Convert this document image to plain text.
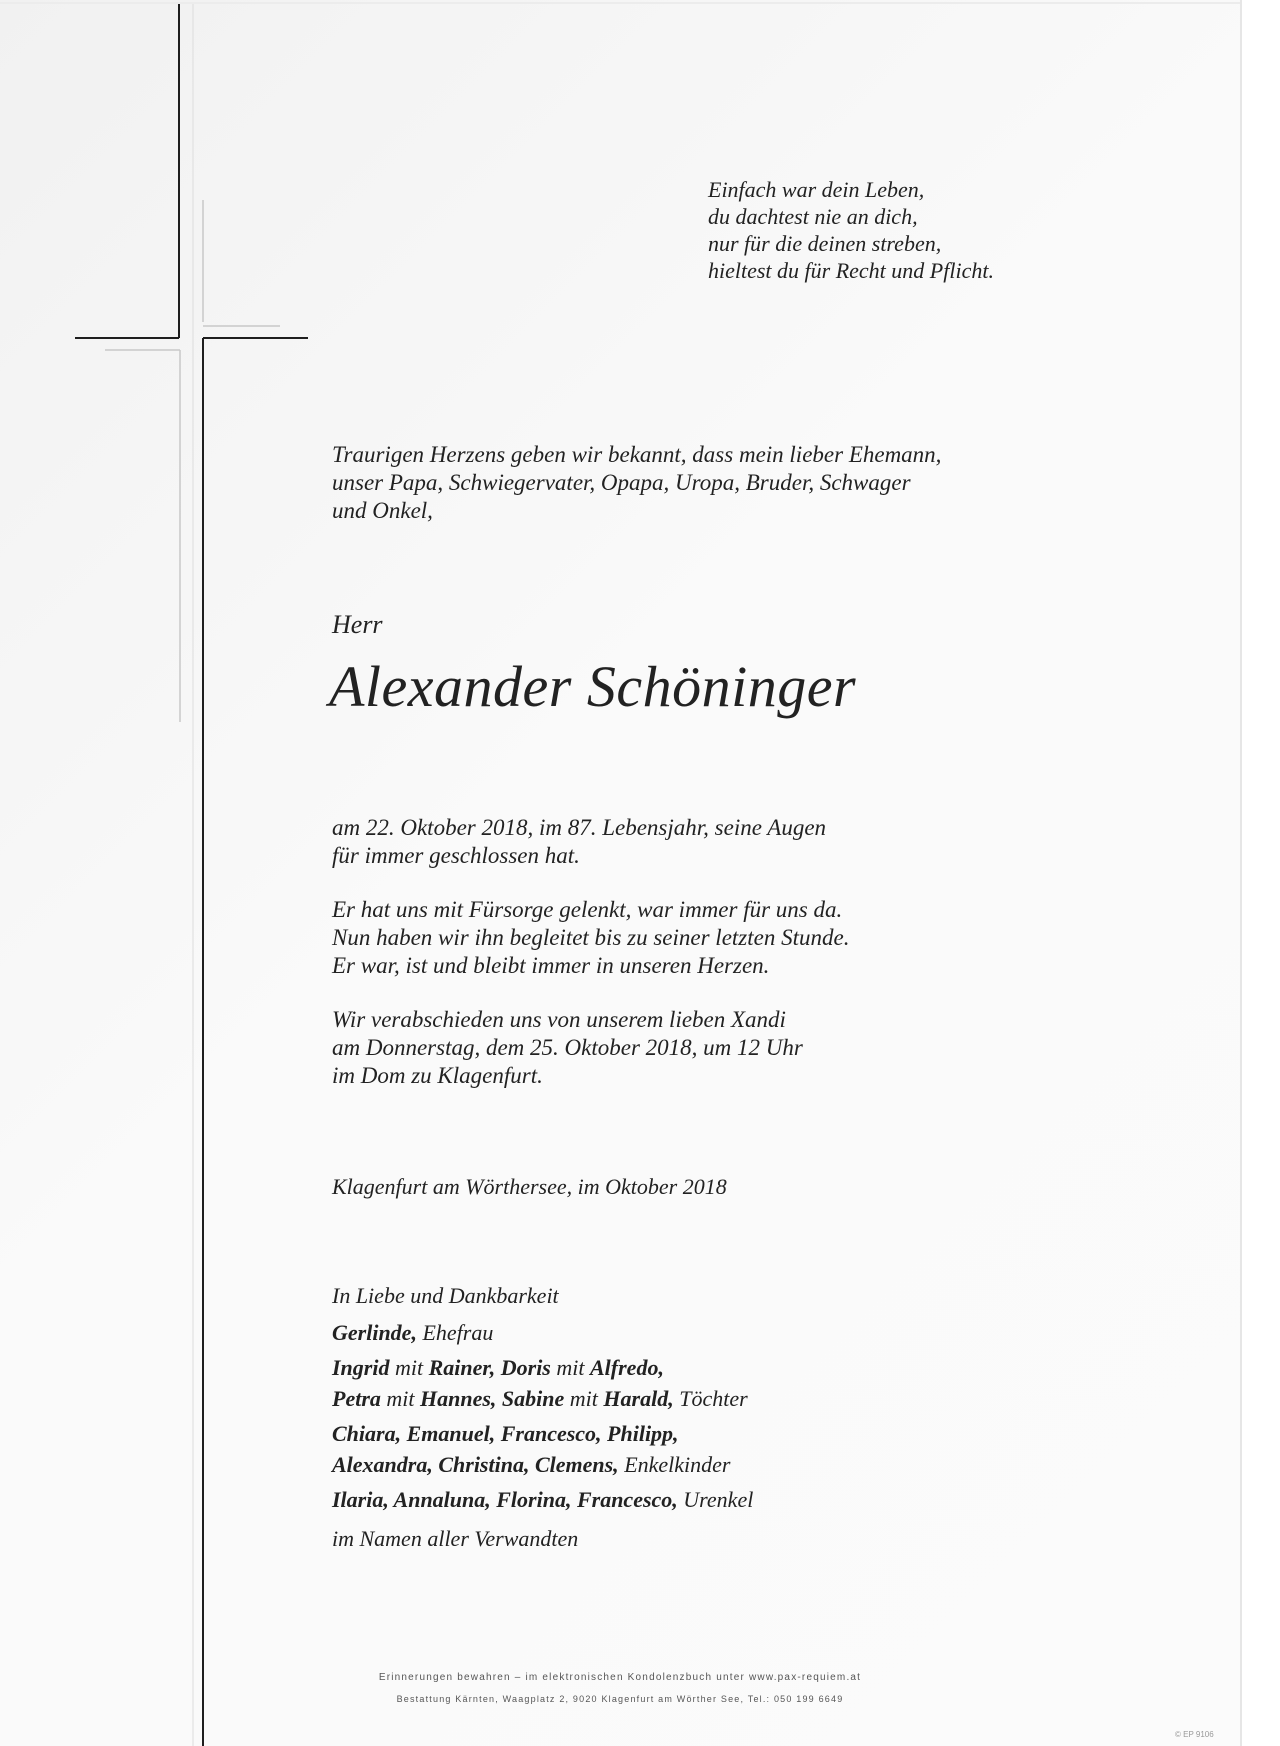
Einfach war dein Leben,
du dachtest nie an dich,
nur für die deinen streben,
hieltest du für Recht und Pflicht.
Traurigen Herzens geben wir bekannt, dass mein lieber Ehemann,
unser Papa, Schwiegervater, Opapa, Uropa, Bruder, Schwager
und Onkel,
Herr
Alexander Schöninger
am 22. Oktober 2018, im 87. Lebensjahr, seine Augen
für immer geschlossen hat.
Er hat uns mit Fürsorge gelenkt, war immer für uns da.
Nun haben wir ihn begleitet bis zu seiner letzten Stunde.
Er war, ist und bleibt immer in unseren Herzen.
Wir verabschieden uns von unserem lieben Xandi
am Donnerstag, dem 25. Oktober 2018, um 12 Uhr
im Dom zu Klagenfurt.
Klagenfurt am Wörthersee, im Oktober 2018
In Liebe und Dankbarkeit
Gerlinde, Ehefrau
Ingrid mit Rainer, Doris mit Alfredo,
Petra mit Hannes, Sabine mit Harald, Töchter
Chiara, Emanuel, Francesco, Philipp,
Alexandra, Christina, Clemens, Enkelkinder
Ilaria, Annaluna, Florina, Francesco, Urenkel
im Namen aller Verwandten
Erinnerungen bewahren – im elektronischen Kondolenzbuch unter www.pax-requiem.at
Bestattung Kärnten, Waagplatz 2, 9020 Klagenfurt am Wörther See, Tel.: 050 199 6649
© EP 9106
